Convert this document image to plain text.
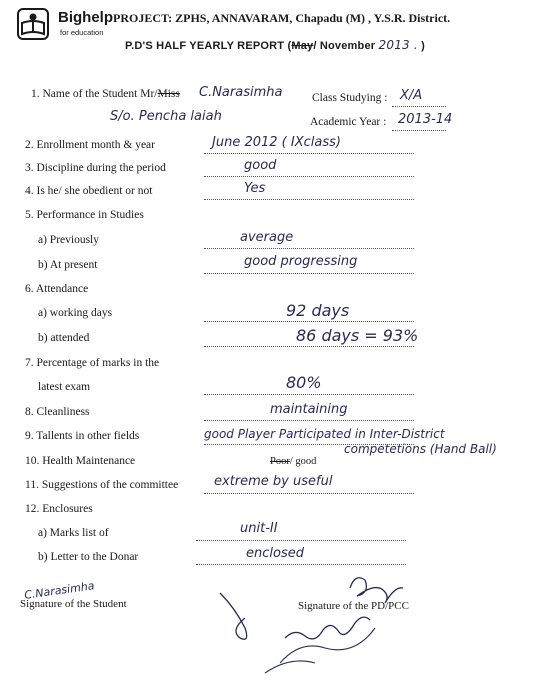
Bighelp
for education
PROJECT: ZPHS, ANNAVARAM, Chapadu (M) , Y.S.R. District.
P.D'S HALF YEARLY REPORT (May/ November 2013 . )
1. Name of the Student Mr/Miss C.Narasimha
S/o. Pencha laiah
Class Studying : X/A
Academic Year : 2013-14
2. Enrollment month & year	June 2012 ( IXclass)
3. Discipline during the period	good
4. Is he/ she obedient or not	Yes
5. Performance in Studies
a) Previously	average
b) At present	good progressing
6. Attendance
a) working days	92 days
b) attended	86 days = 93%
7. Percentage of marks in the
latest exam	80%
8. Cleanliness	maintaining
9. Tallents in other fields	good Player Participated in Inter-District
competetions (Hand Ball)
10. Health Maintenance	Poor/ good
11. Suggestions of the committee	extreme by useful
12. Enclosures
a) Marks list of	unit-II
b) Letter to the Donar	enclosed
C.Narasimha
Signature of the Student	Signature of the PD/PCC
